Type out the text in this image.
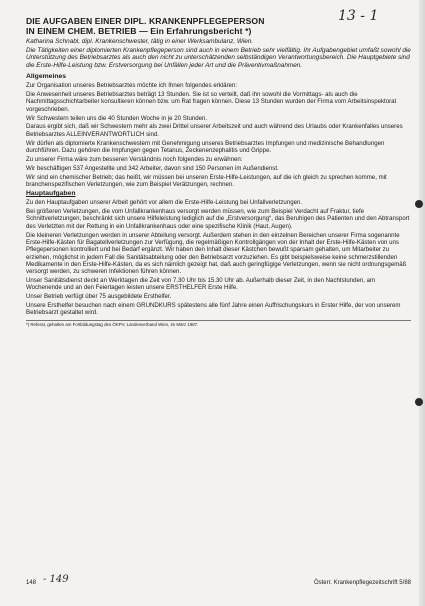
13 - 1
DIE AUFGABEN EINER DIPL. KRANKENPFLEGEPERSON
IN EINEM CHEM. BETRIEB — Ein Erfahrungsbericht *)

Katharina Schnabl, dipl. Krankenschwester, tätig in einer Werksambulanz, Wien.

Die Tätigkeiten einer diplomierten Krankenpflegeperson sind auch in einem Betrieb sehr vielfältig. Ihr Aufgabengebiet umfaßt sowohl die Unterstützung des Betriebsarztes als auch den nicht zu unterschätzenden selbständigen Verantwortungsbereich. Die Hauptgebiete sind die Erste-Hilfe-Leistung bzw. Erstversorgung bei Unfällen jeder Art und die Präventivmaßnahmen.

Allgemeines

Zur Organisation unseres Betriebsarztes möchte ich Ihnen folgendes erklären:

Die Anwesenheit unseres Betriebsarztes beträgt 13 Stunden. Sie ist so verteilt, daß ihn sowohl die Vormittags- als auch die Nachmittagsschichtarbeiter konsultieren können bzw. um Rat fragen können. Diese 13 Stunden wurden der Firma vom Arbeitsinspektorat vorgeschrieben.

Wir Schwestern teilen uns die 40 Stunden Woche in je 20 Stunden.

Daraus ergibt sich, daß wir Schwestern mehr als zwei Drittel unserer Arbeitszeit und auch während des Urlaubs oder Krankenfalles unseres Betriebsarztes ALLEINVERANTWORTLICH sind.

Wir dürfen als diplomierte Krankenschwestern mit Genehmigung unseres Betriebsarztes Impfungen und medizinische Behandlungen durchführen. Dazu gehören die Impfungen gegen Tetanus, Zeckenenzephalitis und Grippe.

Zu unserer Firma wäre zum besseren Verständnis noch folgendes zu erwähnen:

Wir beschäftigen 537 Angestellte und 342 Arbeiter, davon sind 150 Personen im Außendienst.

Wir sind ein chemischer Betrieb; das heißt, wir müssen bei unseren Erste-Hilfe-Leistungen, auf die ich gleich zu sprechen komme, mit branchenspezifischen Verletzungen, wie zum Beispiel Verätzungen, rechnen.

Hauptaufgaben

Zu den Hauptaufgaben unserer Arbeit gehört vor allem die Erste-Hilfe-Leistung bei Unfallverletzungen.

Bei größeren Verletzungen, die vom Unfallkrankenhaus versorgt werden müssen, wie zum Beispiel Verdacht auf Fraktur, tiefe Schnittverletzungen, beschränkt sich unsere Hilfeleistung lediglich auf die „Erstversorgung“, das Beruhigen des Patienten und den Abtransport des Verletzten mit der Rettung in ein Unfallkrankenhaus oder eine spezifische Klinik (Haut, Augen).

Die kleineren Verletzungen werden in unserer Abteilung versorgt. Außerdem stehen in den einzelnen Bereichen unserer Firma sogenannte Erste-Hilfe-Kästen für Bagatellverletzungen zur Verfügung, die regelmäßigen Kontrollgängen von der Inhalt der Erste-Hilfe-Kästen von uns Pflegepersonen kontrolliert und bei Bedarf ergänzt. Wir haben den Inhalt dieser Kästchen bewußt sparsam gehalten, um Mitarbeiter zu erziehen, möglichst in jedem Fall die Sanitätsabteilung oder den Betriebsarzt vorzuziehen. Es gibt beispielsweise keine schmerzstillenden Medikamente in den Erste-Hilfe-Kästen, da es sich nämlich gezeigt hat, daß auch geringfügige Verletzungen, wenn sie nicht ordnungsgemäß versorgt werden, zu schweren Infektionen führen können.

Unser Sanitätsdienst deckt an Werktagen die Zeit von 7.30 Uhr bis 15.30 Uhr ab. Außerhalb dieser Zeit, in den Nachtstunden, am Wochenende und an den Feiertagen leisten unsere ERSTHELFER Erste Hilfe.

Unser Betrieb verfügt über 75 ausgebildete Ersthelfer.

Unsere Ersthelfer besuchen nach einem GRUNDKURS spätestens alle fünf Jahre einen Auffrischungskurs in Erster Hilfe, der von unserem Betriebsarzt gestaltet wird.

*) Referat, gehalten am Fortbildungstag des ÖKPV, Landesverband Wien, im März 1987.

148 - 149	Österr. Krankenpflegezeitschrift 5/88
